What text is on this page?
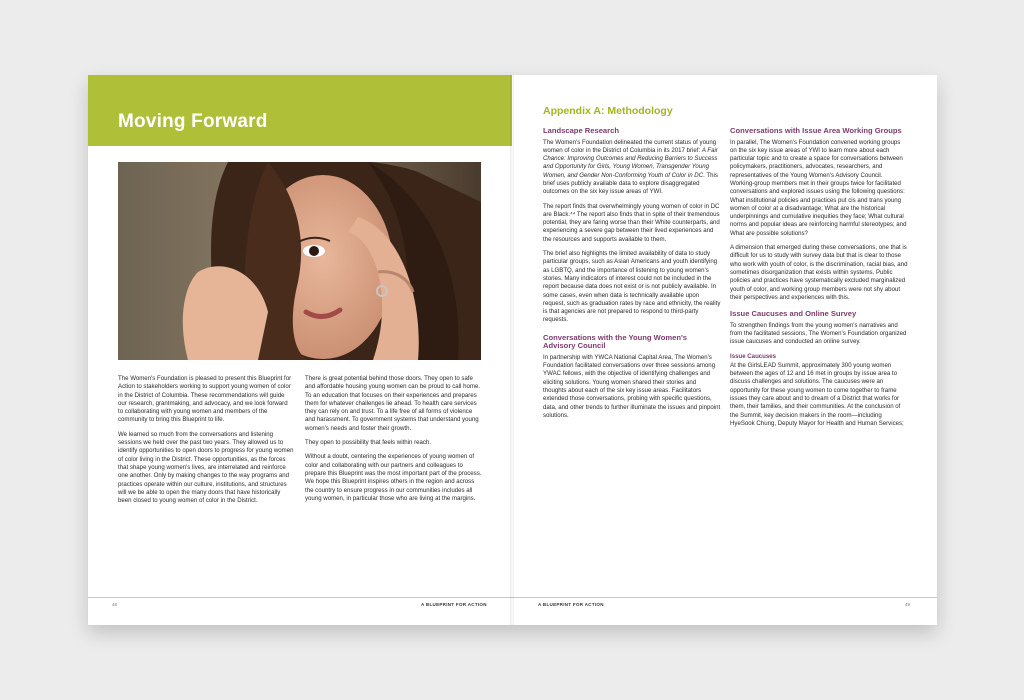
Moving Forward

The Women's Foundation is pleased to present this Blueprint for Action to stakeholders working to support young women of color in the District of Columbia. These recommendations will guide our research, grantmaking, and advocacy, and we look forward to collaborating with young women and members of the community to bring this Blueprint to life.

We learned so much from the conversations and listening sessions we held over the past two years. They allowed us to identify opportunities to open doors to progress for young women of color living in the District. These opportunities, as the forces that shape young women's lives, are interrelated and reinforce one another. Only by making changes to the way programs and practices operate within our culture, institutions, and structures will we be able to open the many doors that have historically been closed to young women of color in the District.

There is great potential behind those doors. They open to safe and affordable housing young women can be proud to call home. To an education that focuses on their experiences and prepares them for whatever challenges lie ahead. To health care services they can rely on and trust. To a life free of all forms of violence and harassment. To government systems that understand young women's needs and foster their growth.

They open to possibility that feels within reach.

Without a doubt, centering the experiences of young women of color and collaborating with our partners and colleagues to prepare this Blueprint was the most important part of the process. We hope this Blueprint inspires others in the region and across the country to ensure progress in our communities includes all young women, in particular those who are living at the margins.

48	A BLUEPRINT FOR ACTION
Appendix A: Methodology
Landscape Research

The Women's Foundation delineated the current status of young women of color in the District of Columbia in its 2017 brief: A Fair Chance: Improving Outcomes and Reducing Barriers to Success and Opportunity for Girls, Young Women, Transgender Young Women, and Gender Non-Conforming Youth of Color in DC. This brief uses publicly available data to explore disaggregated outcomes on the six key issue areas of YWI.

The report finds that overwhelmingly young women of color in DC are Black.⁴⁴ The report also finds that in spite of their tremendous potential, they are faring worse than their White counterparts, and experiencing a severe gap between their lived experiences and the resources and supports available to them.

The brief also highlights the limited availability of data to study particular groups, such as Asian Americans and youth identifying as LGBTQ, and the importance of listening to young women's stories. Many indicators of interest could not be included in the report because data does not exist or is not publicly available. In some cases, even when data is technically available upon request, such as graduation rates by race and ethnicity, the reality is that agencies are not prepared to respond to third-party requests.

Conversations with the Young Women's Advisory Council

In partnership with YWCA National Capital Area, The Women's Foundation facilitated conversations over three sessions among YWAC fellows, with the objective of identifying challenges and eliciting solutions. Young women shared their stories and thoughts about each of the six key issue areas. Facilitators extended those conversations, probing with specific questions, data, and other trends to further illuminate the issues and pinpoint solutions.

Conversations with Issue Area Working Groups

In parallel, The Women's Foundation convened working groups on the six key issue areas of YWI to learn more about each particular topic and to create a space for conversations between policymakers, practitioners, advocates, researchers, and representatives of the Young Women's Advisory Council. Working-group members met in their groups twice for facilitated conversations and explored issues using the following questions: What institutional policies and practices put cis and trans young women of color at a disadvantage; What are the historical underpinnings and cumulative inequities they face; What cultural norms and popular ideas are reinforcing harmful stereotypes; and What are possible solutions?

A dimension that emerged during these conversations, one that is difficult for us to study with survey data but that is clear to those who work with youth of color, is the discrimination, racial bias, and sometimes disorganization that exists within systems. Public policies and practices have systematically excluded marginalized youth of color, and working group members were not shy about their perspectives and experiences with this.

Issue Caucuses and Online Survey

To strengthen findings from the young women's narratives and from the facilitated sessions, The Women's Foundation organized issue caucuses and conducted an online survey.

Issue Caucuses

At the GirlsLEAD Summit, approximately 300 young women between the ages of 12 and 16 met in groups by issue area to discuss challenges and solutions. The caucuses were an opportunity for these young women to come together to frame issues they care about and to dream of a District that works for them, their families, and their communities. At the conclusion of the Summit, key decision makers in the room—including HyeSook Chung, Deputy Mayor for Health and Human Services;

A BLUEPRINT FOR ACTION	49
